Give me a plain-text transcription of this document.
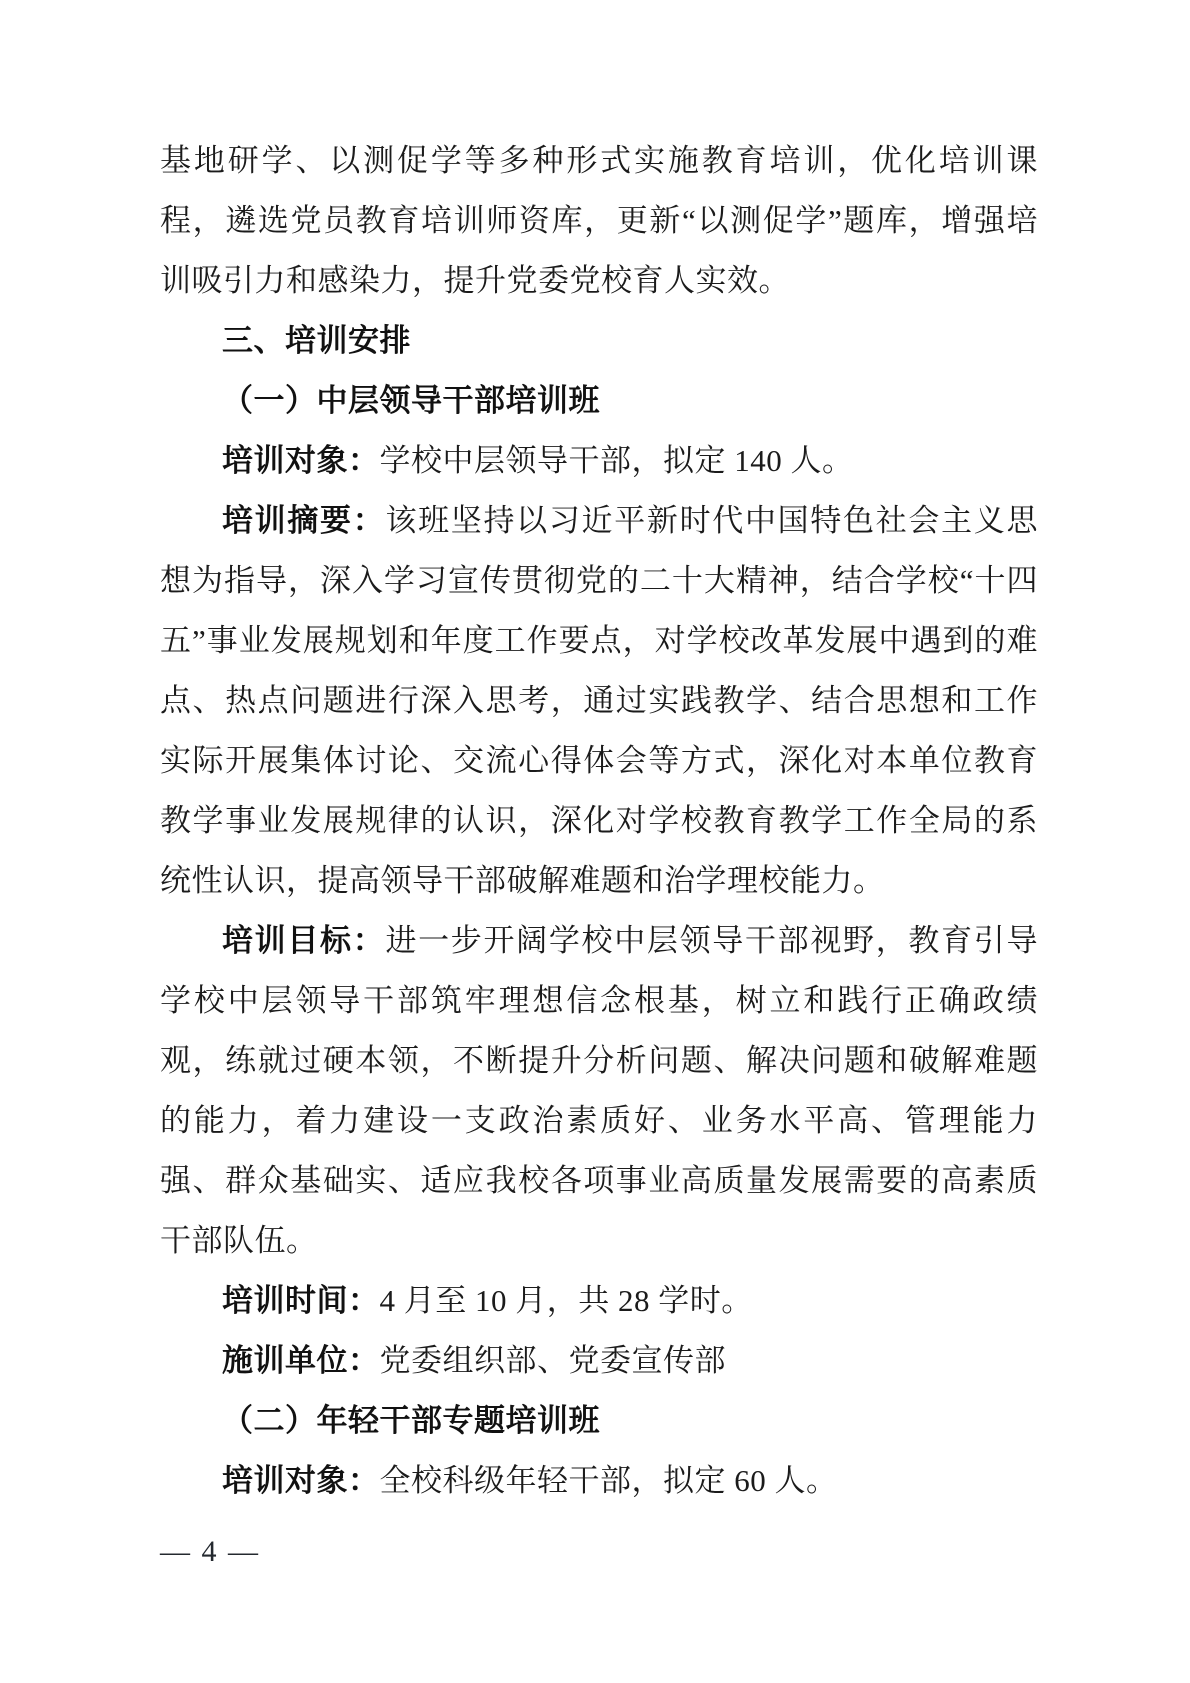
基地研学、以测促学等多种形式实施教育培训，优化培训课程，遴选党员教育培训师资库，更新“以测促学”题库，增强培训吸引力和感染力，提升党委党校育人实效。

三、培训安排

（一）中层领导干部培训班

培训对象：学校中层领导干部，拟定 140 人。

培训摘要：该班坚持以习近平新时代中国特色社会主义思想为指导，深入学习宣传贯彻党的二十大精神，结合学校“十四五”事业发展规划和年度工作要点，对学校改革发展中遇到的难点、热点问题进行深入思考，通过实践教学、结合思想和工作实际开展集体讨论、交流心得体会等方式，深化对本单位教育教学事业发展规律的认识，深化对学校教育教学工作全局的系统性认识，提高领导干部破解难题和治学理校能力。

培训目标：进一步开阔学校中层领导干部视野，教育引导学校中层领导干部筑牢理想信念根基，树立和践行正确政绩观，练就过硬本领，不断提升分析问题、解决问题和破解难题的能力，着力建设一支政治素质好、业务水平高、管理能力强、群众基础实、适应我校各项事业高质量发展需要的高素质干部队伍。

培训时间：4 月至 10 月，共 28 学时。

施训单位：党委组织部、党委宣传部

（二）年轻干部专题培训班

培训对象：全校科级年轻干部，拟定 60 人。

— 4 —
